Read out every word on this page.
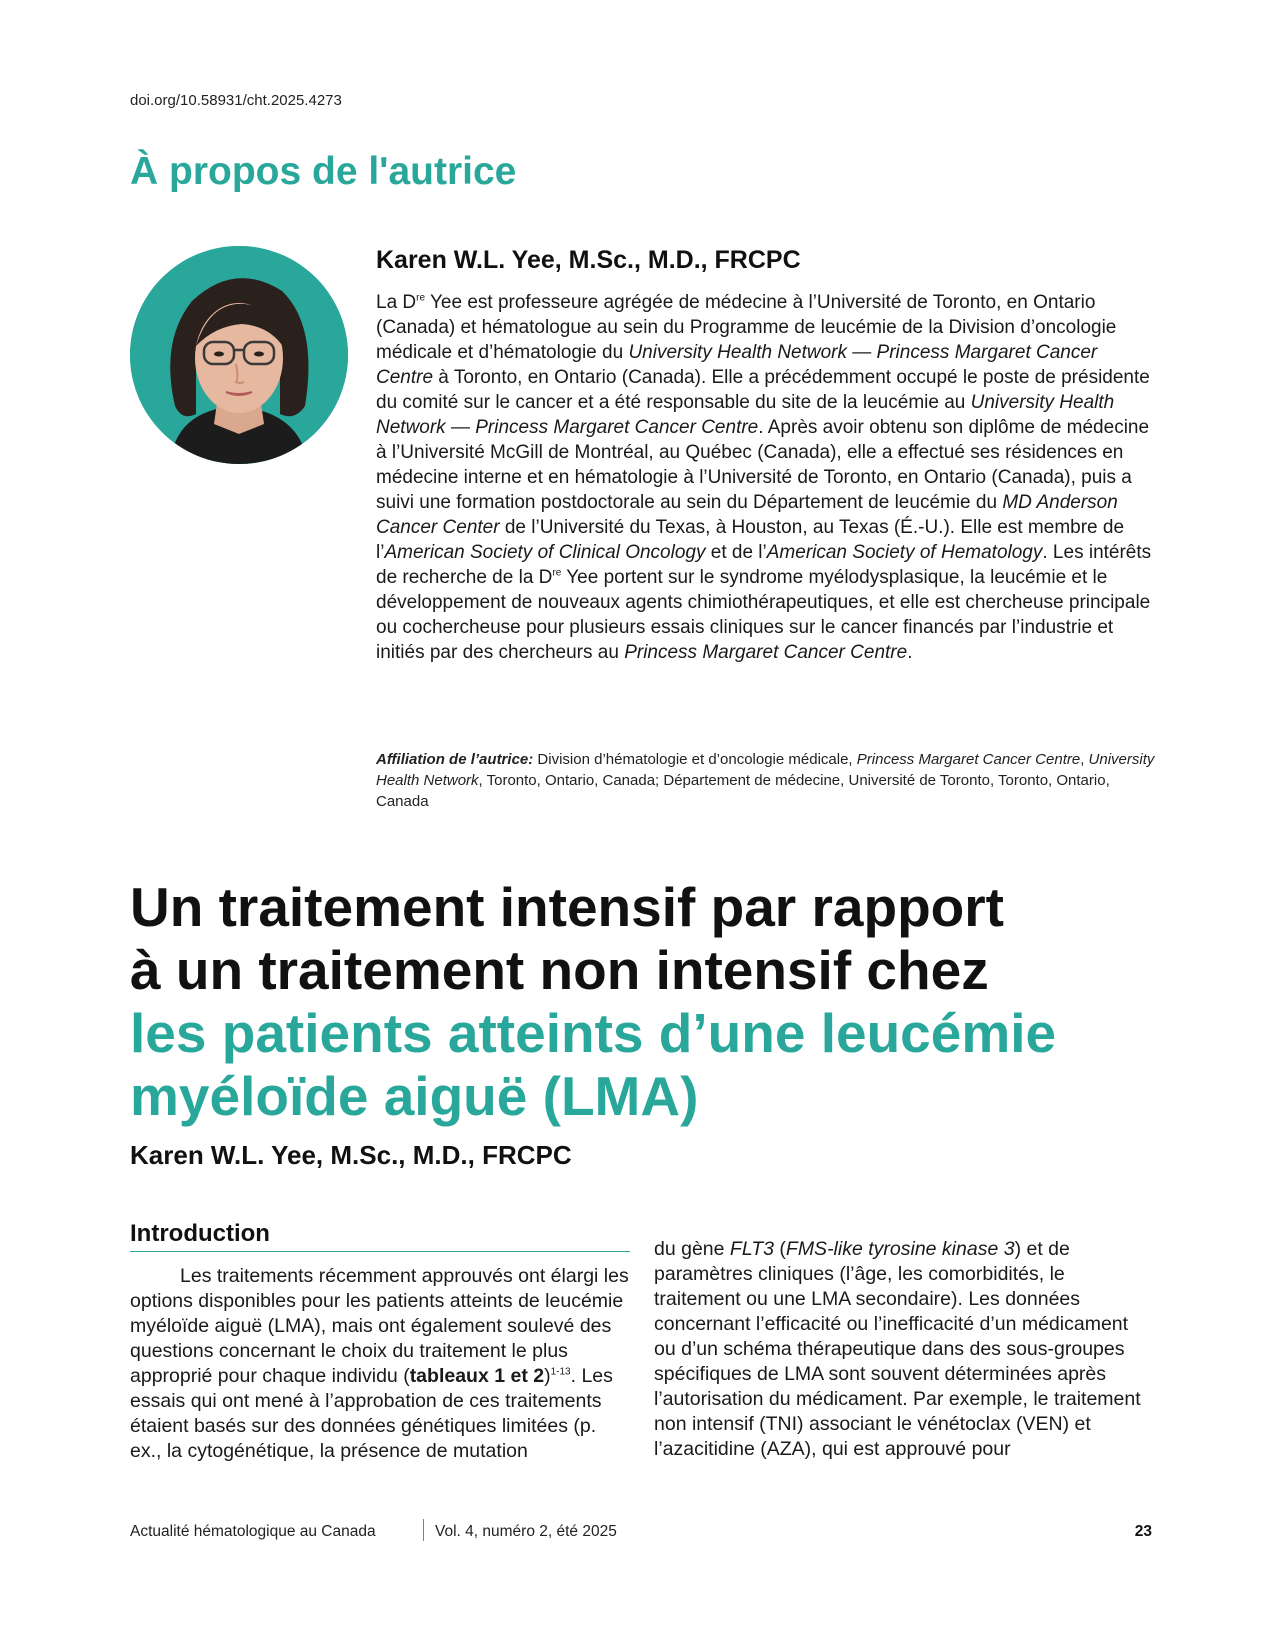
doi.org/10.58931/cht.2025.4273
À propos de l'autrice
Karen W.L. Yee, M.Sc., M.D., FRCPC

La Dre Yee est professeure agrégée de médecine à l’Université de Toronto, en Ontario (Canada) et hématologue au sein du Programme de leucémie de la Division d’oncologie médicale et d’hématologie du University Health Network — Princess Margaret Cancer Centre à Toronto, en Ontario (Canada). Elle a précédemment occupé le poste de présidente du comité sur le cancer et a été responsable du site de la leucémie au University Health Network — Princess Margaret Cancer Centre. Après avoir obtenu son diplôme de médecine à l’Université McGill de Montréal, au Québec (Canada), elle a effectué ses résidences en médecine interne et en hématologie à l’Université de Toronto, en Ontario (Canada), puis a suivi une formation postdoctorale au sein du Département de leucémie du MD Anderson Cancer Center de l’Université du Texas, à Houston, au Texas (É.-U.). Elle est membre de l’American Society of Clinical Oncology et de l’American Society of Hematology. Les intérêts de recherche de la Dre Yee portent sur le syndrome myélodysplasique, la leucémie et le développement de nouveaux agents chimiothérapeutiques, et elle est chercheuse principale ou cochercheuse pour plusieurs essais cliniques sur le cancer financés par l’industrie et initiés par des chercheurs au Princess Margaret Cancer Centre.

Affiliation de l’autrice: Division d’hématologie et d’oncologie médicale, Princess Margaret Cancer Centre, University Health Network, Toronto, Ontario, Canada; Département de médecine, Université de Toronto, Toronto, Ontario, Canada

Un traitement intensif par rapport
à un traitement non intensif chez
les patients atteints d’une leucémie
myéloïde aiguë (LMA)
Karen W.L. Yee, M.Sc., M.D., FRCPC
Introduction

Les traitements récemment approuvés ont élargi les options disponibles pour les patients atteints de leucémie myéloïde aiguë (LMA), mais ont également soulevé des questions concernant le choix du traitement le plus approprié pour chaque individu (tableaux 1 et 2)$^{1-13}$. Les essais qui ont mené à l’approbation de ces traitements étaient basés sur des données génétiques limitées (p. ex., la cytogénétique, la présence de mutation

du gène FLT3 (FMS-like tyrosine kinase 3) et de paramètres cliniques (l’âge, les comorbidités, le traitement ou une LMA secondaire). Les données concernant l’efficacité ou l’inefficacité d’un médicament ou d’un schéma thérapeutique dans des sous-groupes spécifiques de LMA sont souvent déterminées après l’autorisation du médicament. Par exemple, le traitement non intensif (TNI) associant le vénétoclax (VEN) et l’azacitidine (AZA), qui est approuvé pour

Actualité hématologique au Canada	Vol. 4, numéro 2, été 2025	23
